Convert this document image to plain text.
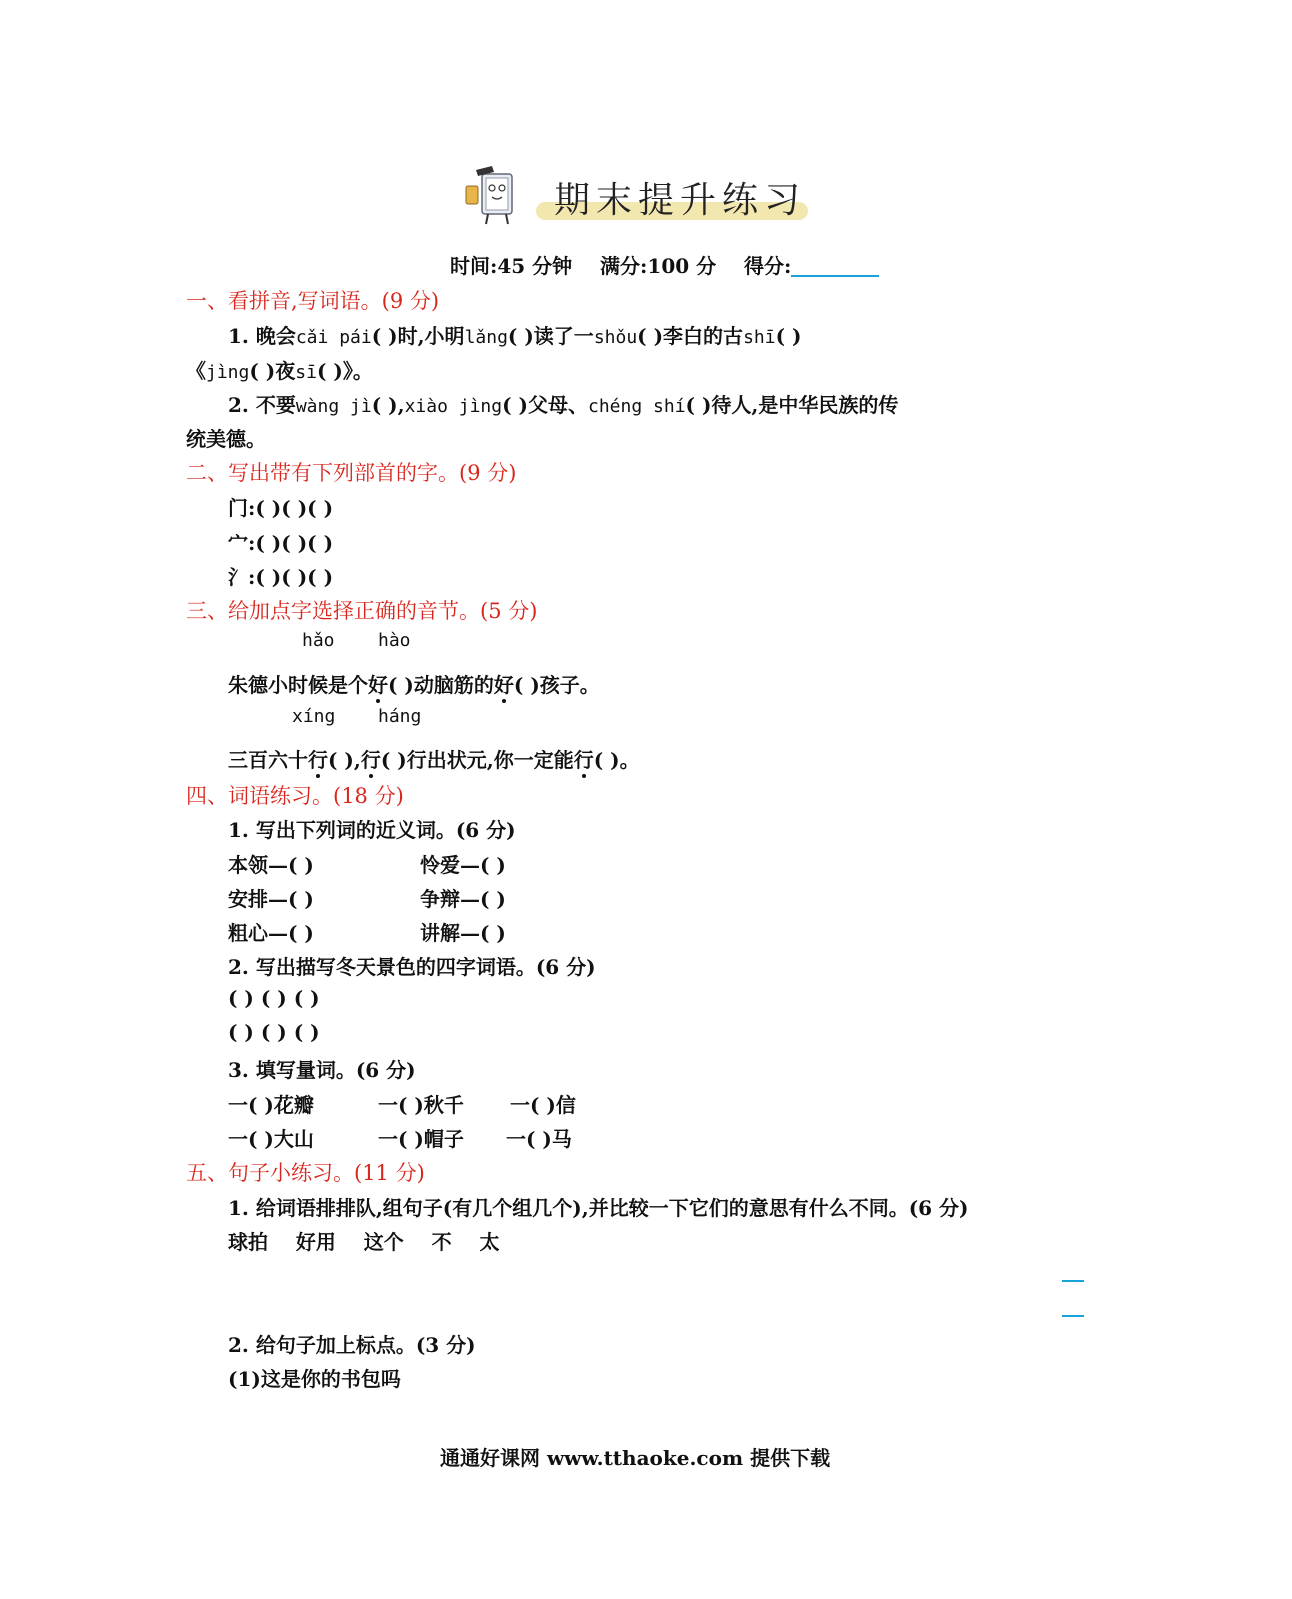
期末提升练习
时间:45 分钟 满分:100 分 得分:
一、看拼音,写词语。(9 分)
1. 晚会cǎi pái( )时,小明lǎng( )读了一shǒu( )李白的古shī( )
《jìng( )夜sī( )》。
2. 不要wàng jì( ),xiào jìng( )父母、chéng shí( )待人,是中华民族的传
统美德。
二、写出带有下列部首的字。(9 分)
门:( )( )( )
宀:( )( )( )
氵:( )( )( )
三、给加点字选择正确的音节。(5 分)
hǎo hào
朱德小时候是个好( )动脑筋的好( )孩子。
xíng háng
三百六十行( ),行( )行出状元,你一定能行( )。
四、词语练习。(18 分)
1. 写出下列词的近义词。(6 分)
本领—( )	怜爱—( )
安排—( )	争辩—( )
粗心—( )	讲解—( )
2. 写出描写冬天景色的四字词语。(6 分)
( ) ( ) ( )
( ) ( ) ( )
3. 填写量词。(6 分)
一( )花瓣	一( )秋千 一( )信
一( )大山	一( )帽子 一( )马
五、句子小练习。(11 分)
1. 给词语排排队,组句子(有几个组几个),并比较一下它们的意思有什么不同。(6 分)
球拍 好用 这个 不 太
2. 给句子加上标点。(3 分)
(1)这是你的书包吗
通通好课网 www.tthaoke.com 提供下载
